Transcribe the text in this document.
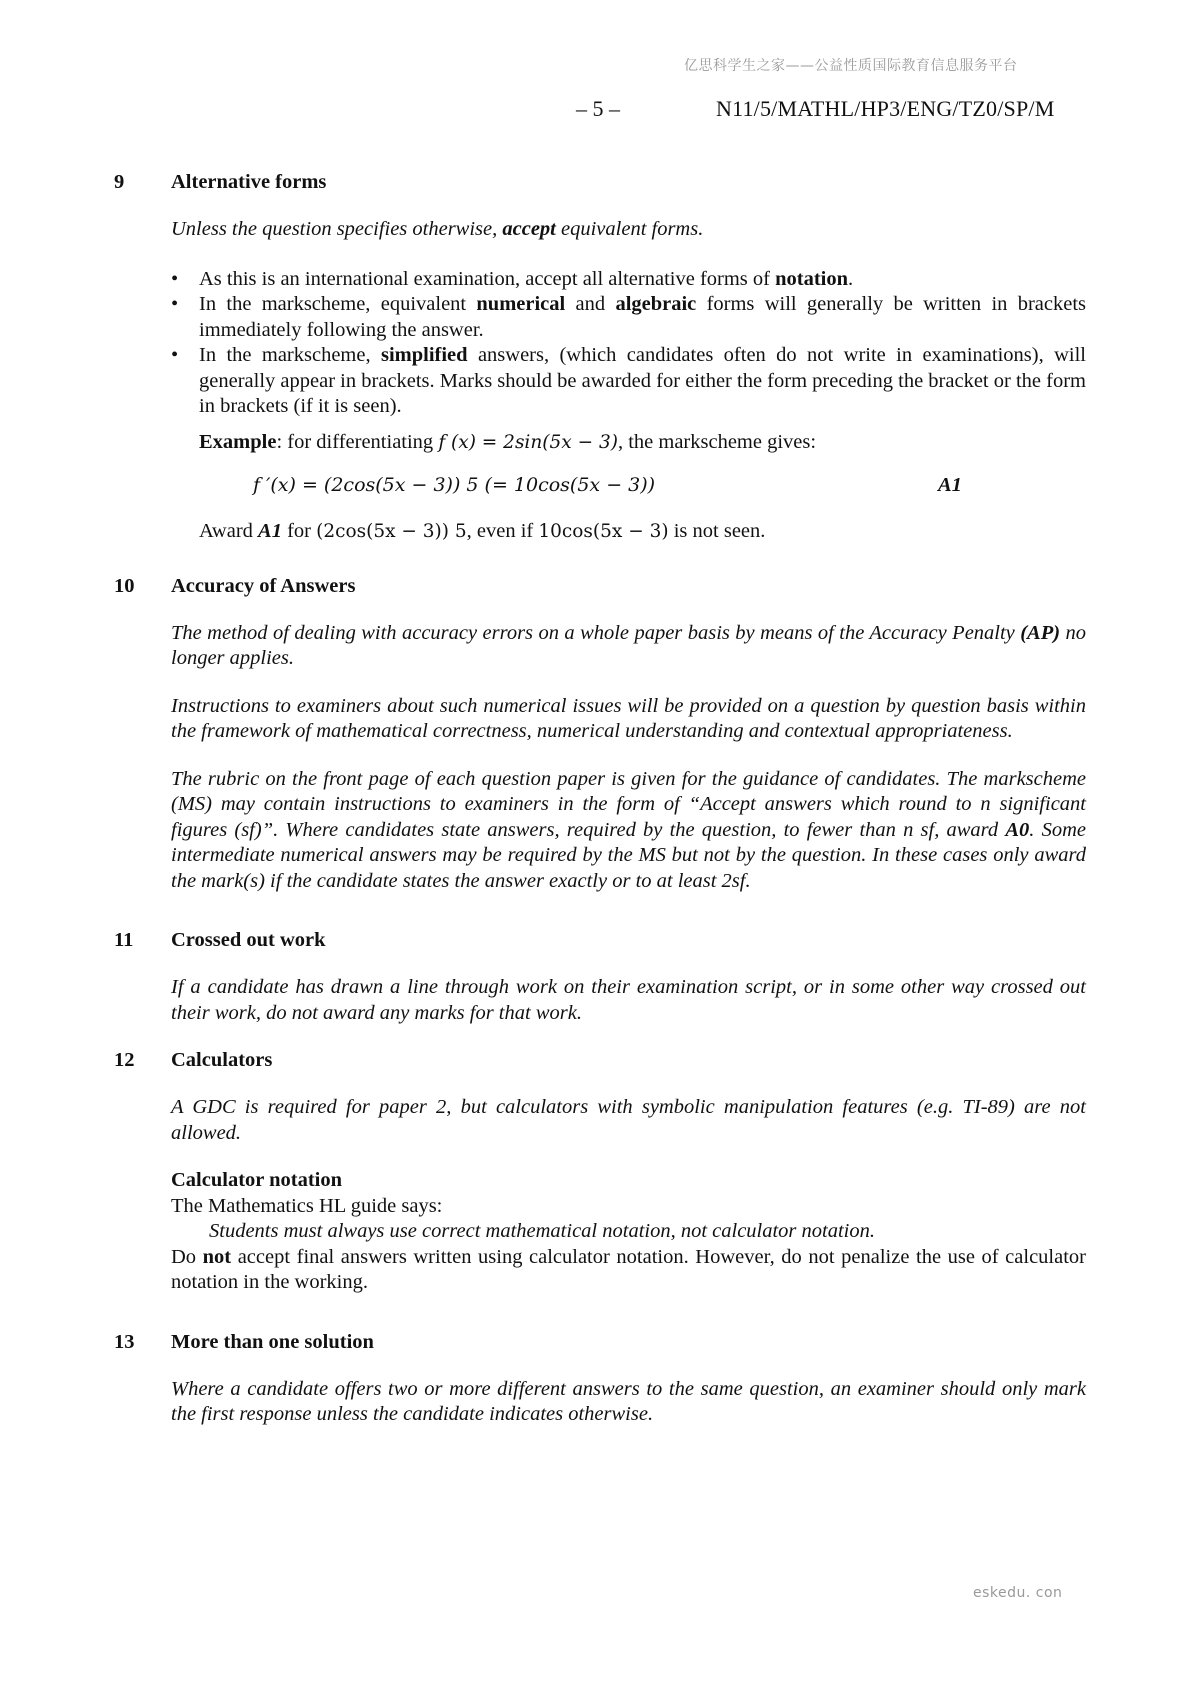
亿思科学生之家——公益性质国际教育信息服务平台
– 5 –	N11/5/MATHL/HP3/ENG/TZ0/SP/M
9	Alternative forms

Unless the question specifies otherwise, accept equivalent forms.

• As this is an international examination, accept all alternative forms of notation.
• In the markscheme, equivalent numerical and algebraic forms will generally be written in brackets immediately following the answer.
• In the markscheme, simplified answers, (which candidates often do not write in examinations), will generally appear in brackets. Marks should be awarded for either the form preceding the bracket or the form in brackets (if it is seen).

Example: for differentiating f (x) = 2sin(5x − 3), the markscheme gives:

f ′(x) = (2cos(5x − 3)) 5 (= 10cos(5x − 3))	A1

Award A1 for (2cos(5x − 3)) 5, even if 10cos(5x − 3) is not seen.

10	Accuracy of Answers

The method of dealing with accuracy errors on a whole paper basis by means of the Accuracy Penalty (AP) no longer applies.

Instructions to examiners about such numerical issues will be provided on a question by question basis within the framework of mathematical correctness, numerical understanding and contextual appropriateness.

The rubric on the front page of each question paper is given for the guidance of candidates. The markscheme (MS) may contain instructions to examiners in the form of “Accept answers which round to n significant figures (sf)”. Where candidates state answers, required by the question, to fewer than n sf, award A0. Some intermediate numerical answers may be required by the MS but not by the question. In these cases only award the mark(s) if the candidate states the answer exactly or to at least 2sf.

11	Crossed out work

If a candidate has drawn a line through work on their examination script, or in some other way crossed out their work, do not award any marks for that work.

12	Calculators

A GDC is required for paper 2, but calculators with symbolic manipulation features (e.g. TI-89) are not allowed.

Calculator notation

The Mathematics HL guide says:

Students must always use correct mathematical notation, not calculator notation.

Do not accept final answers written using calculator notation. However, do not penalize the use of calculator notation in the working.

13	More than one solution

Where a candidate offers two or more different answers to the same question, an examiner should only mark the first response unless the candidate indicates otherwise.

eskedu. con
